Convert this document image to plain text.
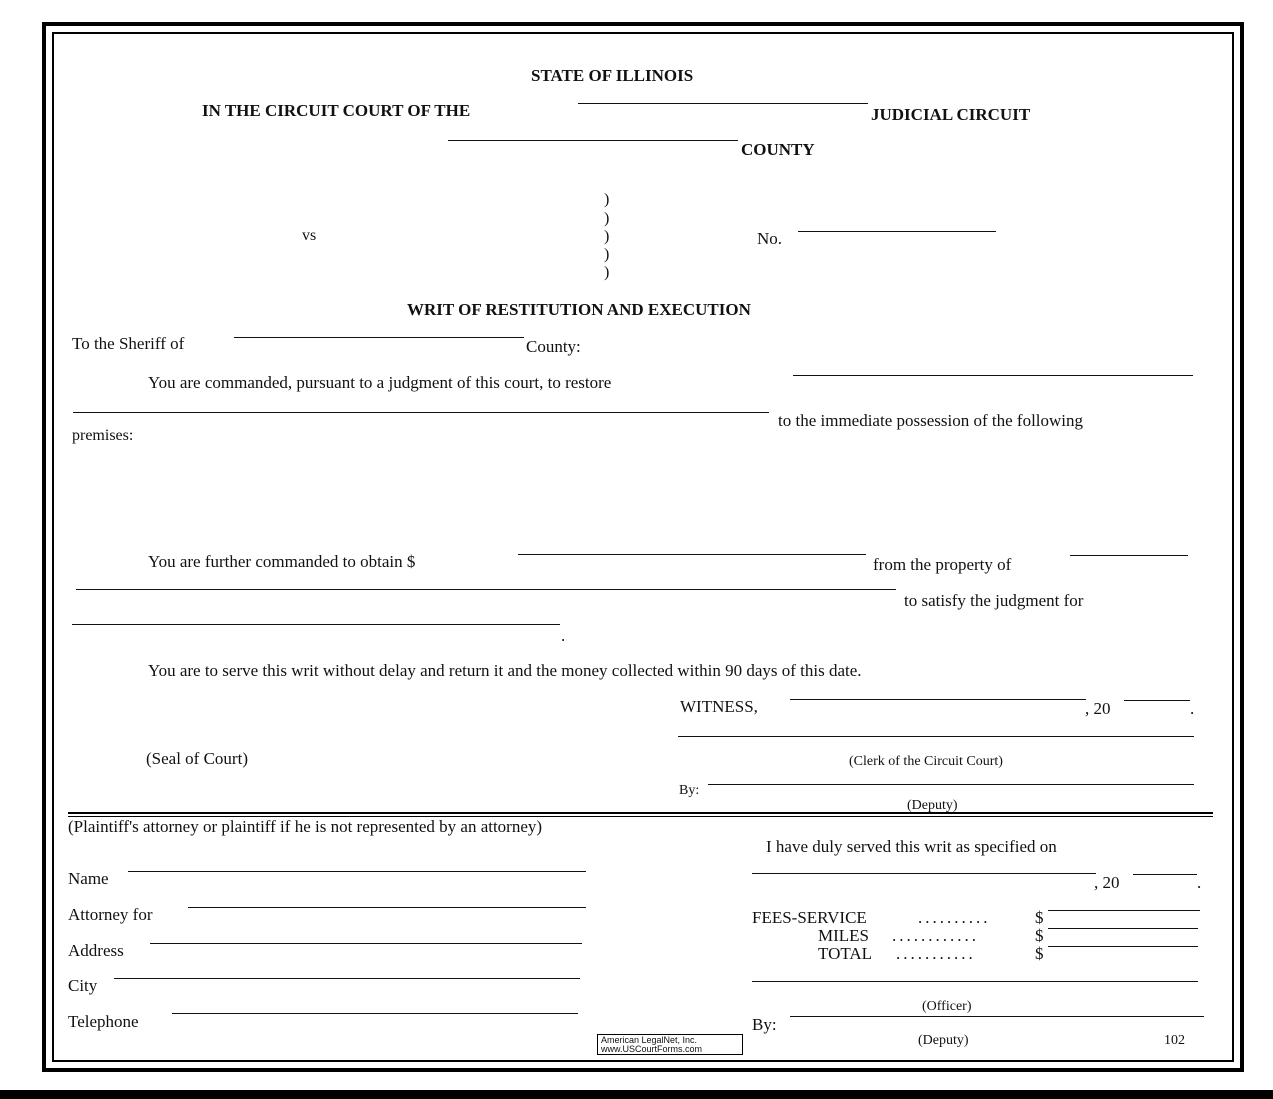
STATE OF ILLINOIS
IN THE CIRCUIT COURT OF THE	JUDICIAL CIRCUIT
COUNTY
)
)
)
)
)
vs	No.
WRIT OF RESTITUTION AND EXECUTION
To the Sheriff of	County:
You are commanded, pursuant to a judgment of this court, to restore
to the immediate possession of the following
premises:
You are further commanded to obtain $	from the property of
to satisfy the judgment for
.
You are to serve this writ without delay and return it and the money collected within 90 days of this date.
WITNESS,	, 20	.
(Clerk of the Circuit Court)
(Seal of Court)
By:
(Deputy)
(Plaintiff's attorney or plaintiff if he is not represented by an attorney)
Name
Attorney for
Address
City
Telephone
I have duly served this writ as specified on
, 20	.
FEES-SERVICE	..........	$
MILES ............	$
TOTAL ...........	$
(Officer)
By:
(Deputy)	102
American LegalNet, Inc.
www.USCourtForms.com
